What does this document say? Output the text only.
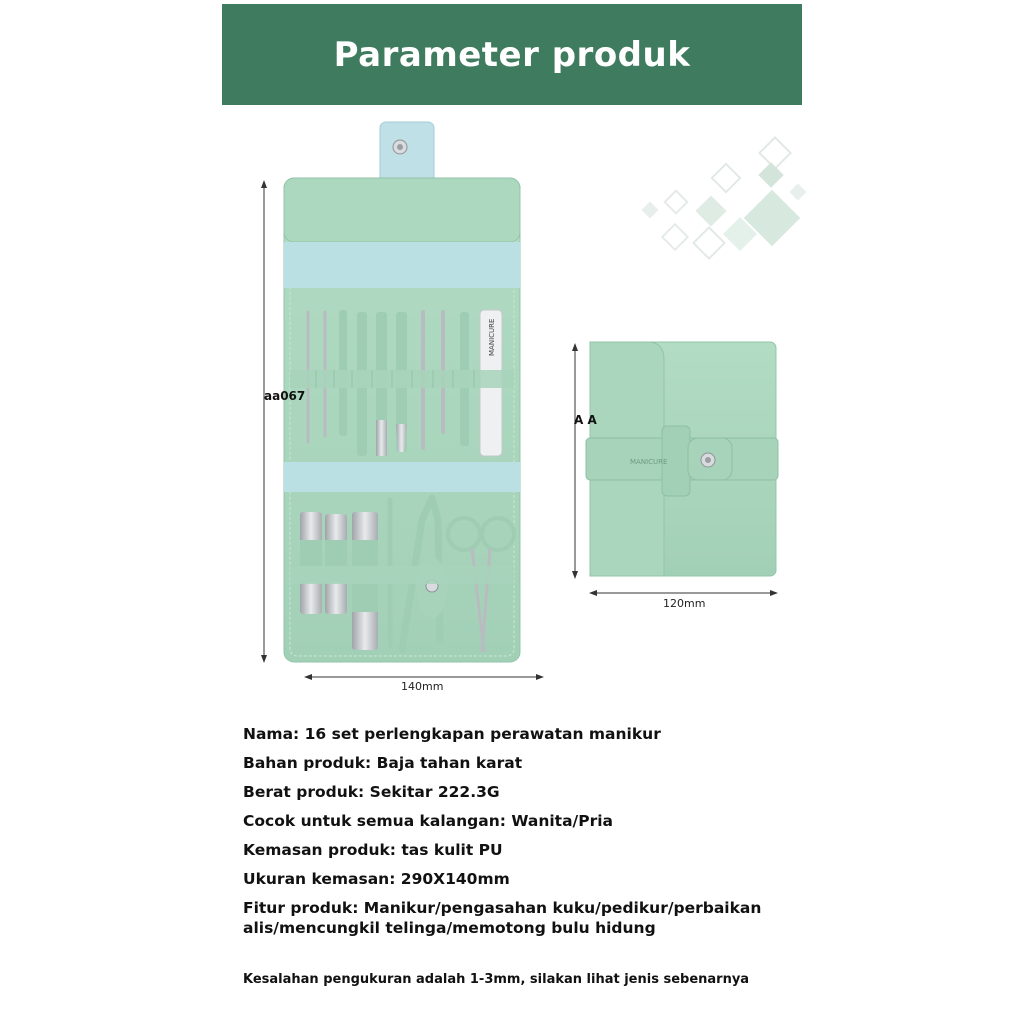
Parameter produk
MANICURE
MANICURE
aa067
140mm
A A
120mm
Nama: 16 set perlengkapan perawatan manikur
Bahan produk: Baja tahan karat
Berat produk: Sekitar 222.3G
Cocok untuk semua kalangan: Wanita/Pria
Kemasan produk: tas kulit PU
Ukuran kemasan: 290X140mm
Fitur produk: Manikur/pengasahan kuku/pedikur/perbaikan alis/mencungkil telinga/memotong bulu hidung
Kesalahan pengukuran adalah 1-3mm, silakan lihat jenis sebenarnya
